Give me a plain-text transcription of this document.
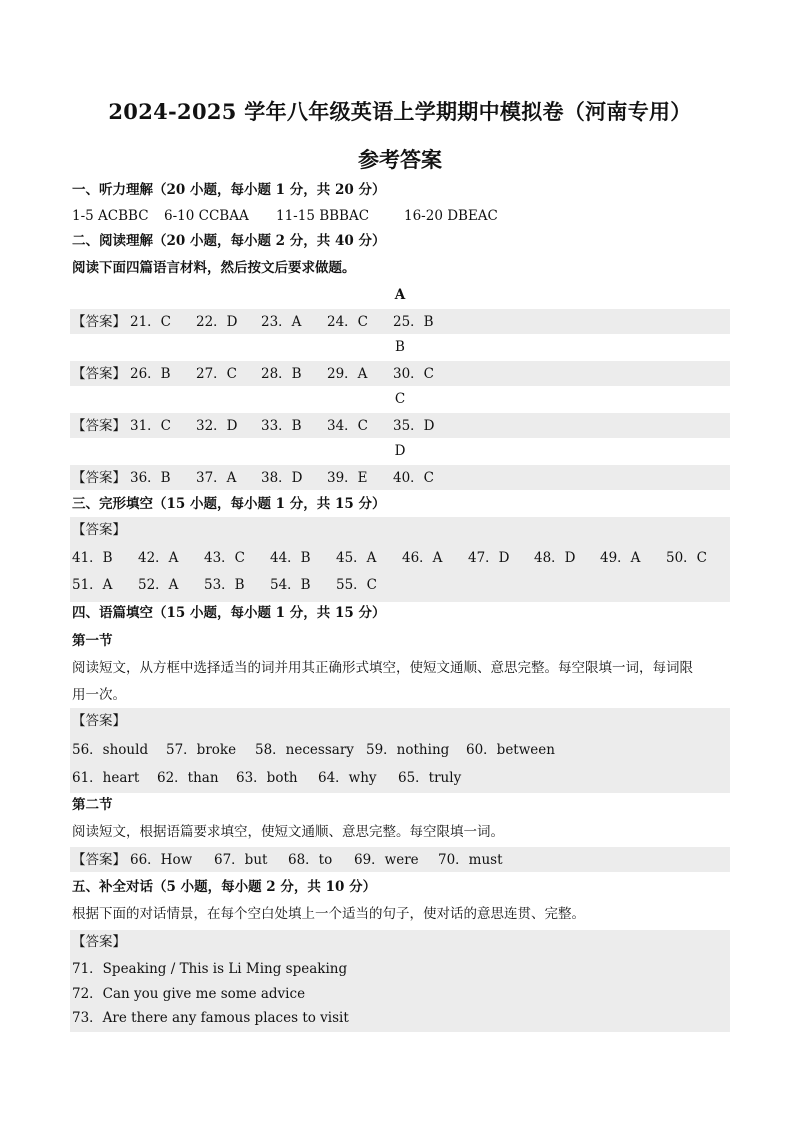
2024-2025 学年八年级英语上学期期中模拟卷（河南专用）
参考答案
一、听力理解（20 小题，每小题 1 分，共 20 分）
1-5 ACBBC 6-10 CCBAA 11-15 BBBAC	16-20 DBEAC
二、阅读理解（20 小题，每小题 2 分，共 40 分）
阅读下面四篇语言材料，然后按文后要求做题。
A
【答案】 21．C 22．D 23．A 24．C 25．B
B
【答案】 26．B 27．C 28．B 29．A 30．C
C
【答案】 31．C 32．D 33．B 34．C 35．D
D
【答案】 36．B 37．A 38．D 39．E 40．C
三、完形填空（15 小题，每小题 1 分，共 15 分）
【答案】
41．B 42．A 43．C 44．B 45．A 46．A 47．D 48．D 49．A 50．C
51．A 52．A 53．B 54．B 55．C
四、语篇填空（15 小题，每小题 1 分，共 15 分）
第一节
阅读短文，从方框中选择适当的词并用其正确形式填空，使短文通顺、意思完整。每空限填一词，每词限
用一次。
【答案】
56．should 57．broke 58．necessary 59．nothing 60．between
61．heart 62．than 63．both 64．why 65．truly
第二节
阅读短文，根据语篇要求填空，使短文通顺、意思完整。每空限填一词。
【答案】 66．How 67．but 68．to 69．were 70．must
五、补全对话（5 小题，每小题 2 分，共 10 分）
根据下面的对话情景，在每个空白处填上一个适当的句子，使对话的意思连贯、完整。
【答案】
71．Speaking / This is Li Ming speaking
72．Can you give me some advice
73．Are there any famous places to visit
